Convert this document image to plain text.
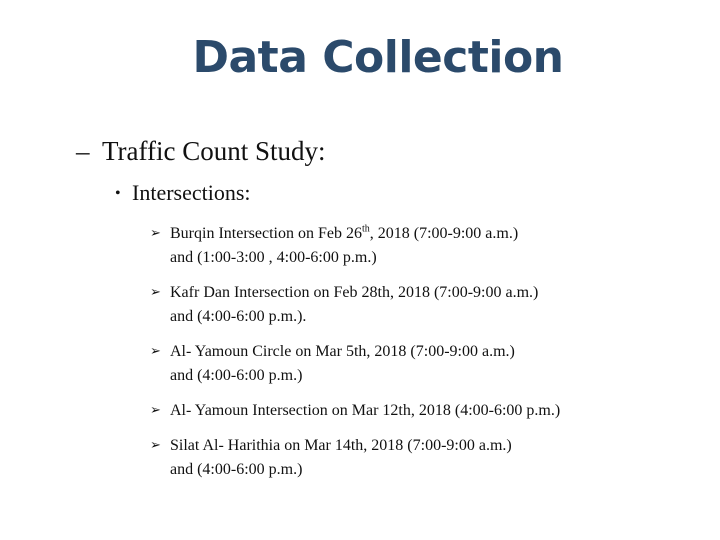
Data Collection
– Traffic Count Study:
• Intersections:
➢ Burqin Intersection on Feb 26th, 2018 (7:00-9:00 a.m.)
and (1:00-3:00 , 4:00-6:00 p.m.)
➢ Kafr Dan Intersection on Feb 28th, 2018 (7:00-9:00 a.m.)
and (4:00-6:00 p.m.).
➢ Al- Yamoun Circle on Mar 5th, 2018 (7:00-9:00 a.m.)
and (4:00-6:00 p.m.)
➢ Al- Yamoun Intersection on Mar 12th, 2018 (4:00-6:00 p.m.)
➢ Silat Al- Harithia on Mar 14th, 2018 (7:00-9:00 a.m.)
and (4:00-6:00 p.m.)
